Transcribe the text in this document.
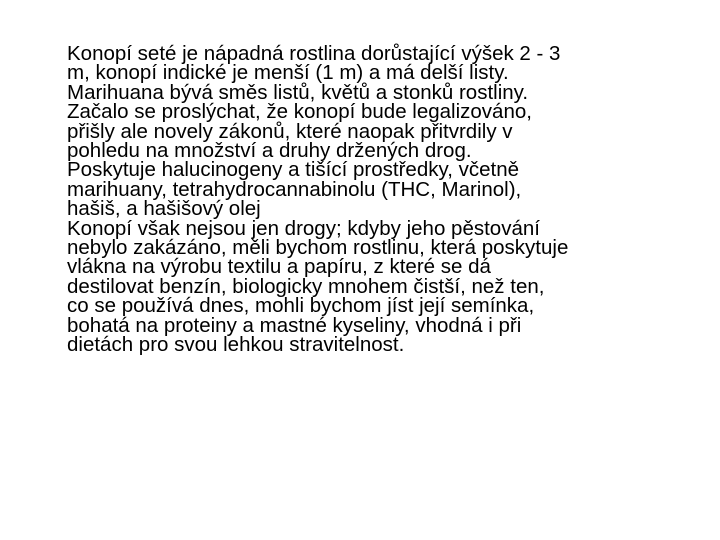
Konopí seté je nápadná rostlina dorůstající výšek 2 - 3
m, konopí indické je menší (1 m) a má delší listy.
Marihuana bývá směs listů, květů a stonků rostliny.
Začalo se proslýchat, že konopí bude legalizováno,
přišly ale novely zákonů, které naopak přitvrdily v
pohledu na množství a druhy držených drog.
Poskytuje halucinogeny a tišící prostředky, včetně
marihuany, tetrahydrocannabinolu (THC, Marinol),
hašiš, a hašišový olej
Konopí však nejsou jen drogy; kdyby jeho pěstování
nebylo zakázáno, měli bychom rostlinu, která poskytuje
vlákna na výrobu textilu a papíru, z které se dá
destilovat benzín, biologicky mnohem čistší, než ten,
co se používá dnes, mohli bychom jíst její semínka,
bohatá na proteiny a mastné kyseliny, vhodná i při
dietách pro svou lehkou stravitelnost.
